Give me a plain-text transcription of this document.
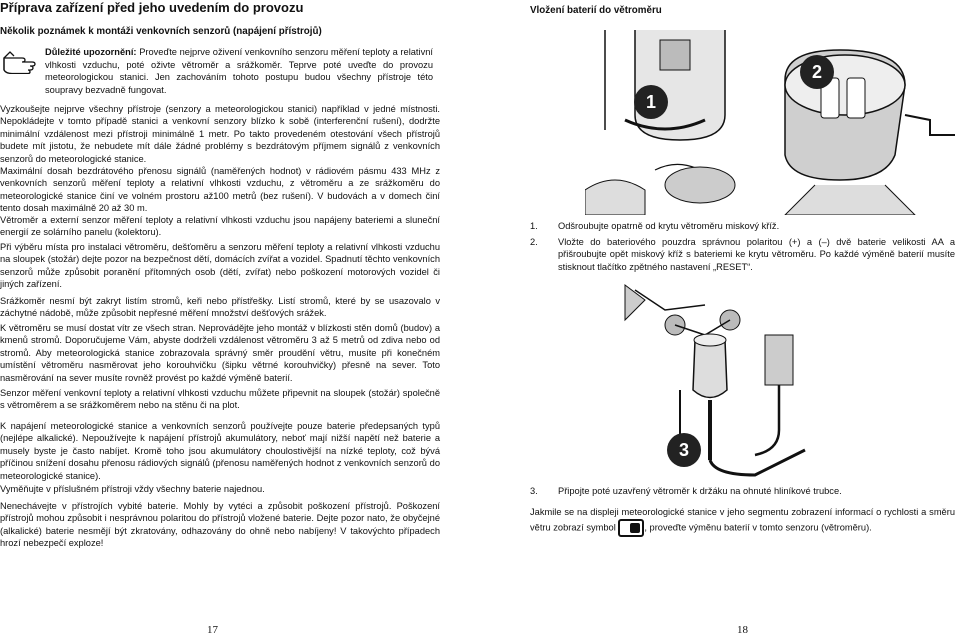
Příprava zařízení před jeho uvedením do provozu
Několik poznámek k montáži venkovních senzorů (napájení přístrojů)

Důležité upozornění: Proveďte nejprve oživení venkovního senzoru měření teploty a relativní vlhkosti vzduchu, poté oživte větroměr a srážkoměr. Teprve poté uveďte do provozu meteorologickou stanici. Jen zachováním tohoto postupu budou všechny přístroje této soupravy bezvadně fungovat.

Vyzkoušejte nejprve všechny přístroje (senzory a meteorologickou stanici) například v jedné místnosti. Nepokládejte v tomto případě stanici a venkovní senzory blízko k sobě (interferenční rušení), dodržte minimální vzdálenost mezi přístroji minimálně 1 metr. Po takto provedeném otestování všech přístrojů budete mít jistotu, že nebudete mít dále žádné problémy s bezdrátovým příjmem signálů z venkovních senzorů do meteorologické stanice.

Maximální dosah bezdrátového přenosu signálů (naměřených hodnot) v rádiovém pásmu 433 MHz z venkovních senzorů měření teploty a relativní vlhkosti vzduchu, z větroměru a ze srážkoměru do meteorologické stanice činí ve volném prostoru až100 metrů (bez rušení). V budovách a v domech činí tento dosah maximálně 20 až 30 m.

Větroměr a externí senzor měření teploty a relativní vlhkosti vzduchu jsou napájeny bateriemi a sluneční energií ze solárního panelu (kolektoru).

Při výběru místa pro instalaci větroměru, dešťoměru a senzoru měření teploty a relativní vlhkosti vzduchu na sloupek (stožár) dejte pozor na bezpečnost dětí, domácích zvířat a vozidel. Spadnutí těchto venkovních senzorů může způsobit poranění přítomných osob (dětí, zvířat) nebo poškození motorových vozidel či jiných zařízení.

Srážkoměr nesmí být zakryt listím stromů, keři nebo přístřešky. Listí stromů, které by se usazovalo v záchytné nádobě, může způsobit nepřesné měření množství dešťových srážek.

K větroměru se musí dostat vítr ze všech stran. Neprovádějte jeho montáž v blízkosti stěn domů (budov) a kmenů stromů. Doporučujeme Vám, abyste dodrželi vzdálenost větroměru 3 až 5 metrů od zdiva nebo od stromů. Aby meteorologická stanice zobrazovala správný směr proudění větru, musíte při konečném umístění větroměru nasměrovat jeho korouhvičku (šipku větrné korouhvičky) přesně na sever. Toto nasměrování na sever musíte rovněž provést po každé výměně baterií.

Senzor měření venkovní teploty a relativní vlhkosti vzduchu můžete připevnit na sloupek (stožár) společně s větroměrem a se srážkoměrem nebo na stěnu či na plot.

K napájení meteorologické stanice a venkovních senzorů používejte pouze baterie předepsaných typů (nejlépe alkalické). Nepoužívejte k napájení přístrojů akumulátory, neboť mají nižší napětí než baterie a musely byste je často nabíjet. Kromě toho jsou akumulátory choulostivější na nízké teploty, což bývá příčinou snížení dosahu přenosu rádiových signálů (přenosu naměřených hodnot z venkovních senzorů do meteorologické stanice).

Vyměňujte v příslušném přístroji vždy všechny baterie najednou.

Nenechávejte v přístrojích vybité baterie. Mohly by vytéci a způsobit poškození přístrojů. Poškození přístrojů mohou způsobit i nesprávnou polaritou do přístrojů vložené baterie. Dejte pozor nato, že obyčejné (alkalické) baterie nesmějí být zkratovány, odhazovány do ohně nebo nabíjeny! V takovýchto případech hrozí nebezpečí exploze!

17
Vložení baterií do větroměru
1
2
1. Odšroubujte opatrně od krytu větroměru miskový kříž.
2. Vložte do bateriového pouzdra správnou polaritou (+) a (–) dvě baterie velikosti AA a přišroubujte opět miskový kříž s bateriemi ke krytu větroměru. Po každé výměně baterií musíte stisknout tlačítko zpětného nastavení „RESET“.
3
3. Připojte poté uzavřený větroměr k držáku na ohnuté hliníkové trubce.

Jakmile se na displeji meteorologické stanice v jeho segmentu zobrazení informací o rychlosti a směru větru zobrazí symbol	, proveďte výměnu baterií v tomto senzoru (větroměru).

18
